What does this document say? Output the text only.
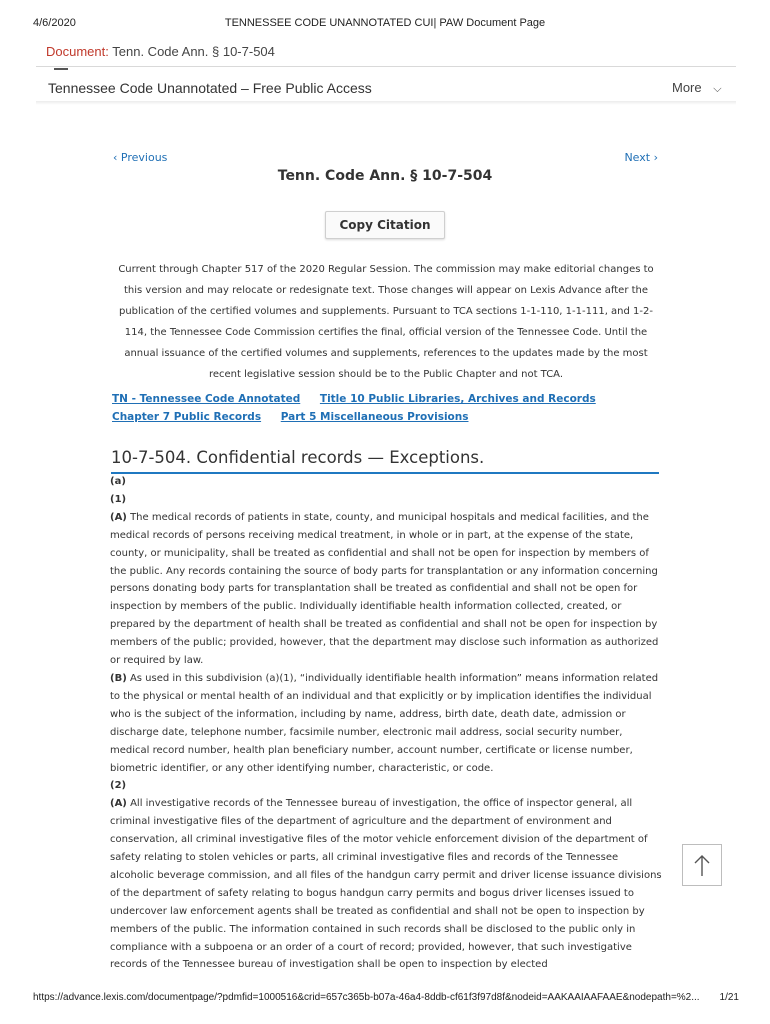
4/6/2020	TENNESSEE CODE UNANNOTATED CUI| PAW Document Page
Document: Tenn. Code Ann. § 10-7-504
Tennessee Code Unannotated – Free Public Access	More ⌵
‹ Previous	Next ›
Tenn. Code Ann. § 10-7-504
Copy Citation
Current through Chapter 517 of the 2020 Regular Session. The commission may make editorial changes to this version and may relocate or redesignate text. Those changes will appear on Lexis Advance after the publication of the certified volumes and supplements. Pursuant to TCA sections 1-1-110, 1-1-111, and 1-2-114, the Tennessee Code Commission certifies the final, official version of the Tennessee Code. Until the annual issuance of the certified volumes and supplements, references to the updates made by the most recent legislative session should be to the Public Chapter and not TCA.
TN - Tennessee Code Annotated Title 10 Public Libraries, Archives and Records Chapter 7 Public Records Part 5 Miscellaneous Provisions
10-7-504. Confidential records — Exceptions.

(a)

(1)

(A) The medical records of patients in state, county, and municipal hospitals and medical facilities, and the medical records of persons receiving medical treatment, in whole or in part, at the expense of the state, county, or municipality, shall be treated as confidential and shall not be open for inspection by members of the public. Any records containing the source of body parts for transplantation or any information concerning persons donating body parts for transplantation shall be treated as confidential and shall not be open for inspection by members of the public. Individually identifiable health information collected, created, or prepared by the department of health shall be treated as confidential and shall not be open for inspection by members of the public; provided, however, that the department may disclose such information as authorized or required by law.

(B) As used in this subdivision (a)(1), “individually identifiable health information” means information related to the physical or mental health of an individual and that explicitly or by implication identifies the individual who is the subject of the information, including by name, address, birth date, death date, admission or discharge date, telephone number, facsimile number, electronic mail address, social security number, medical record number, health plan beneficiary number, account number, certificate or license number, biometric identifier, or any other identifying number, characteristic, or code.

(2)

(A) All investigative records of the Tennessee bureau of investigation, the office of inspector general, all criminal investigative files of the department of agriculture and the department of environment and conservation, all criminal investigative files of the motor vehicle enforcement division of the department of safety relating to stolen vehicles or parts, all criminal investigative files and records of the Tennessee alcoholic beverage commission, and all files of the handgun carry permit and driver license issuance divisions of the department of safety relating to bogus handgun carry permits and bogus driver licenses issued to undercover law enforcement agents shall be treated as confidential and shall not be open to inspection by members of the public. The information contained in such records shall be disclosed to the public only in compliance with a subpoena or an order of a court of record; provided, however, that such investigative records of the Tennessee bureau of investigation shall be open to inspection by elected

https://advance.lexis.com/documentpage/?pdmfid=1000516&crid=657c365b-b07a-46a4-8ddb-cf61f3f97d8f&nodeid=AAKAAIAAFAAE&nodepath=%2...	1/21
